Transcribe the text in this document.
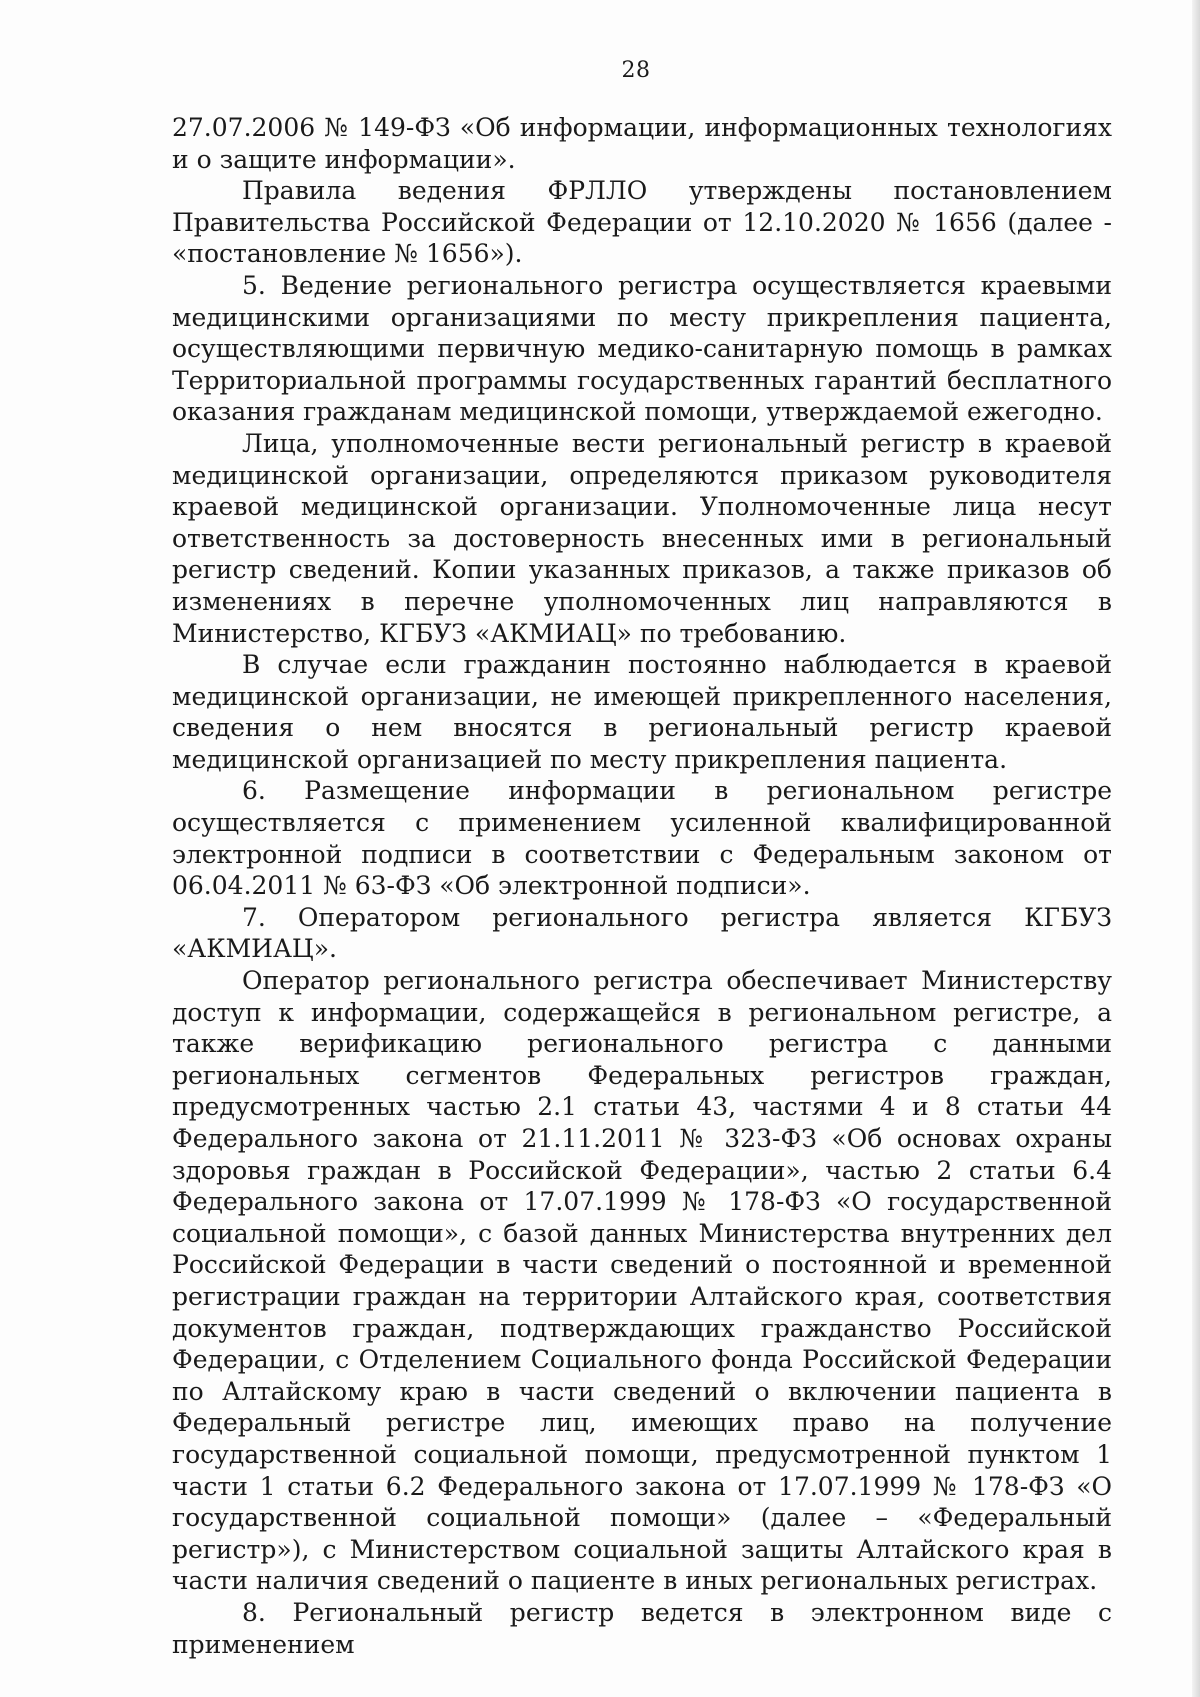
28

27.07.2006 № 149-ФЗ «Об информации, информационных технологиях и о защите информации».

Правила ведения ФРЛЛО утверждены постановлением Правительства Российской Федерации от 12.10.2020 № 1656 (далее - «постановление № 1656»).

5. Ведение регионального регистра осуществляется краевыми медицинскими организациями по месту прикрепления пациента, осуществляющими первичную медико-санитарную помощь в рамках Территориальной программы государственных гарантий бесплатного оказания гражданам медицинской помощи, утверждаемой ежегодно.

Лица, уполномоченные вести региональный регистр в краевой медицинской организации, определяются приказом руководителя краевой медицинской организации. Уполномоченные лица несут ответственность за достоверность внесенных ими в региональный регистр сведений. Копии указанных приказов, а также приказов об изменениях в перечне уполномоченных лиц направляются в Министерство, КГБУЗ «АКМИАЦ» по требованию.

В случае если гражданин постоянно наблюдается в краевой медицинской организации, не имеющей прикрепленного населения, сведения о нем вносятся в региональный регистр краевой медицинской организацией по месту прикрепления пациента.

6. Размещение информации в региональном регистре осуществляется с применением усиленной квалифицированной электронной подписи в соответствии с Федеральным законом от 06.04.2011 № 63-ФЗ «Об электронной подписи».

7. Оператором регионального регистра является КГБУЗ «АКМИАЦ».

Оператор регионального регистра обеспечивает Министерству доступ к информации, содержащейся в региональном регистре, а также верификацию регионального регистра с данными региональных сегментов Федеральных регистров граждан, предусмотренных частью 2.1 статьи 43, частями 4 и 8 статьи 44 Федерального закона от 21.11.2011 № 323-ФЗ «Об основах охраны здоровья граждан в Российской Федерации», частью 2 статьи 6.4 Федерального закона от 17.07.1999 № 178-ФЗ «О государственной социальной помощи», с базой данных Министерства внутренних дел Российской Федерации в части сведений о постоянной и временной регистрации граждан на территории Алтайского края, соответствия документов граждан, подтверждающих гражданство Российской Федерации, с Отделением Социального фонда Российской Федерации по Алтайскому краю в части сведений о включении пациента в Федеральный регистре лиц, имеющих право на получение государственной социальной помощи, предусмотренной пунктом 1 части 1 статьи 6.2 Федерального закона от 17.07.1999 № 178-ФЗ «О государственной социальной помощи» (далее – «Федеральный регистр»), с Министерством социальной защиты Алтайского края в части наличия сведений о пациенте в иных региональных регистрах.

8. Региональный регистр ведется в электронном виде с применением
